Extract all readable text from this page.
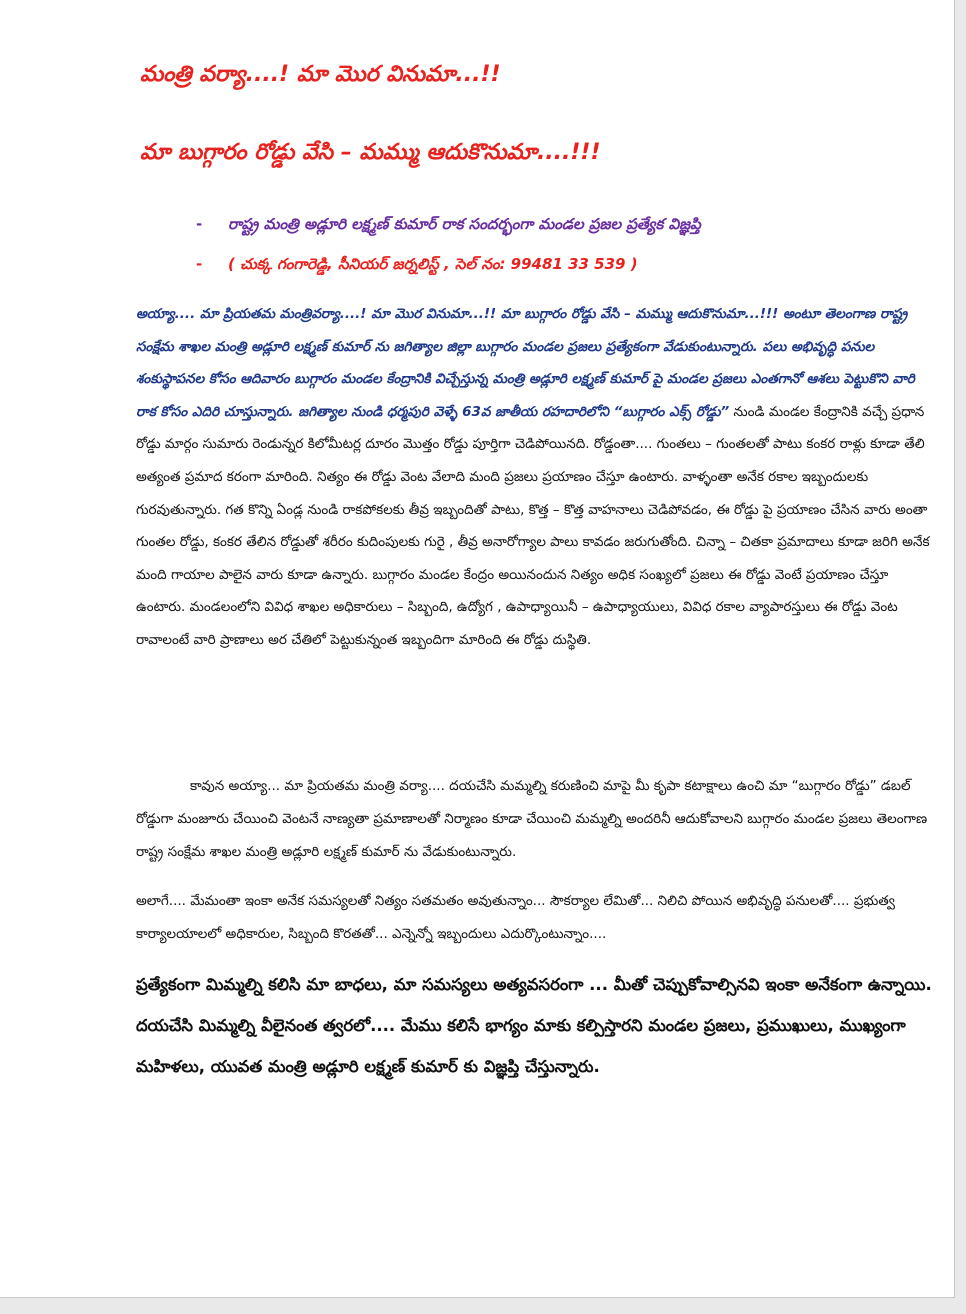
మంత్రి వర్యా....! మా మొర వినుమా...!!
మా బుగ్గారం రోడ్డు వేసి – మమ్ము ఆదుకొనుమా....!!!
- రాష్ట్ర మంత్రి అడ్లూరి లక్ష్మణ్ కుమార్ రాక సందర్భంగా మండల ప్రజల ప్రత్యేక విజ్ఞప్తి
- ( చుక్క గంగారెడ్డి, సీనియర్ జర్నలిస్ట్ , సెల్ నం: 99481 33 539 )

అయ్యా.... మా ప్రియతమ మంత్రివర్యా....! మా మొర వినుమా...!! మా బుగ్గారం రోడ్డు వేసి – మమ్ము ఆదుకొనుమా...!!! అంటూ తెలంగాణ రాష్ట్ర సంక్షేమ శాఖల మంత్రి అడ్లూరి లక్ష్మణ్ కుమార్ ను జగిత్యాల జిల్లా బుగ్గారం మండల ప్రజలు ప్రత్యేకంగా వేడుకుంటున్నారు. పలు అభివృద్ధి పనుల శంకుస్థాపనల కోసం ఆదివారం బుగ్గారం మండల కేంద్రానికి విచ్చేస్తున్న మంత్రి అడ్లూరి లక్ష్మణ్ కుమార్ పై మండల ప్రజలు ఎంతగానో ఆశలు పెట్టుకొని వారి రాక కోసం ఎదిరి చూస్తున్నారు. జగిత్యాల నుండి ధర్మపురి వెళ్ళే 63వ జాతీయ రహదారిలోని “బుగ్గారం ఎక్స్ రోడ్డు” నుండి మండల కేంద్రానికి వచ్చే ప్రధాన రోడ్డు మార్గం సుమారు రెండున్నర కిలోమీటర్ల దూరం మొత్తం రోడ్డు పూర్తిగా చెడిపోయినది. రోడ్డంతా.... గుంతలు – గుంతలతో పాటు కంకర రాళ్లు కూడా తేలి అత్యంత ప్రమాద కరంగా మారింది. నిత్యం ఈ రోడ్డు వెంట వేలాది మంది ప్రజలు ప్రయాణం చేస్తూ ఉంటారు. వాళ్ళంతా అనేక రకాల ఇబ్బందులకు గురవుతున్నారు. గత కొన్ని ఏండ్ల నుండి రాకపోకలకు తీవ్ర ఇబ్బందితో పాటు, కొత్త – కొత్త వాహనాలు చెడిపోవడం, ఈ రోడ్డు పై ప్రయాణం చేసిన వారు అంతా గుంతల రోడ్డు, కంకర తేలిన రోడ్డుతో శరీరం కుదింపులకు గురై , తీవ్ర అనారోగ్యాల పాలు కావడం జరుగుతోంది. చిన్నా – చితకా ప్రమాదాలు కూడా జరిగి అనేక మంది గాయాల పాలైన వారు కూడా ఉన్నారు. బుగ్గారం మండల కేంద్రం అయినందున నిత్యం అధిక సంఖ్యలో ప్రజలు ఈ రోడ్డు వెంటే ప్రయాణం చేస్తూ ఉంటారు. మండలంలోని వివిధ శాఖల అధికారులు – సిబ్బంది, ఉద్యోగ , ఉపాధ్యాయినీ – ఉపాధ్యాయులు, వివిధ రకాల వ్యాపారస్తులు ఈ రోడ్డు వెంట రావాలంటే వారి ప్రాణాలు అర చేతిలో పెట్టుకున్నంత ఇబ్బందిగా మారింది ఈ రోడ్డు దుస్థితి.

కావున అయ్యా... మా ప్రియతమ మంత్రి వర్యా.... దయచేసి మమ్మల్ని కరుణించి మాపై మీ కృపా కటాక్షాలు ఉంచి మా “బుగ్గారం రోడ్డు” డబల్ రోడ్డుగా మంజూరు చేయించి వెంటనే నాణ్యతా ప్రమాణాలతో నిర్మాణం కూడా చేయించి మమ్మల్ని అందరినీ ఆదుకోవాలని బుగ్గారం మండల ప్రజలు తెలంగాణ రాష్ట్ర సంక్షేమ శాఖల మంత్రి అడ్లూరి లక్ష్మణ్ కుమార్ ను వేడుకుంటున్నారు.

అలాగే.... మేమంతా ఇంకా అనేక సమస్యలతో నిత్యం సతమతం అవుతున్నాం... సౌకర్యాల లేమితో... నిలిచి పోయిన అభివృద్ధి పనులతో.... ప్రభుత్వ కార్యాలయాలలో అధికారుల, సిబ్బంది కొరతతో... ఎన్నెన్నో ఇబ్బందులు ఎదుర్కొంటున్నాం....

ప్రత్యేకంగా మిమ్మల్ని కలిసి మా బాధలు, మా సమస్యలు అత్యవసరంగా ... మీతో చెప్పుకోవాల్సినవి ఇంకా అనేకంగా ఉన్నాయి. దయచేసి మిమ్మల్ని వీలైనంత త్వరలో.... మేము కలిసే భాగ్యం మాకు కల్పిస్తారని మండల ప్రజలు, ప్రముఖులు, ముఖ్యంగా మహిళలు, యువత మంత్రి అడ్లూరి లక్ష్మణ్ కుమార్ కు విజ్ఞప్తి చేస్తున్నారు.
